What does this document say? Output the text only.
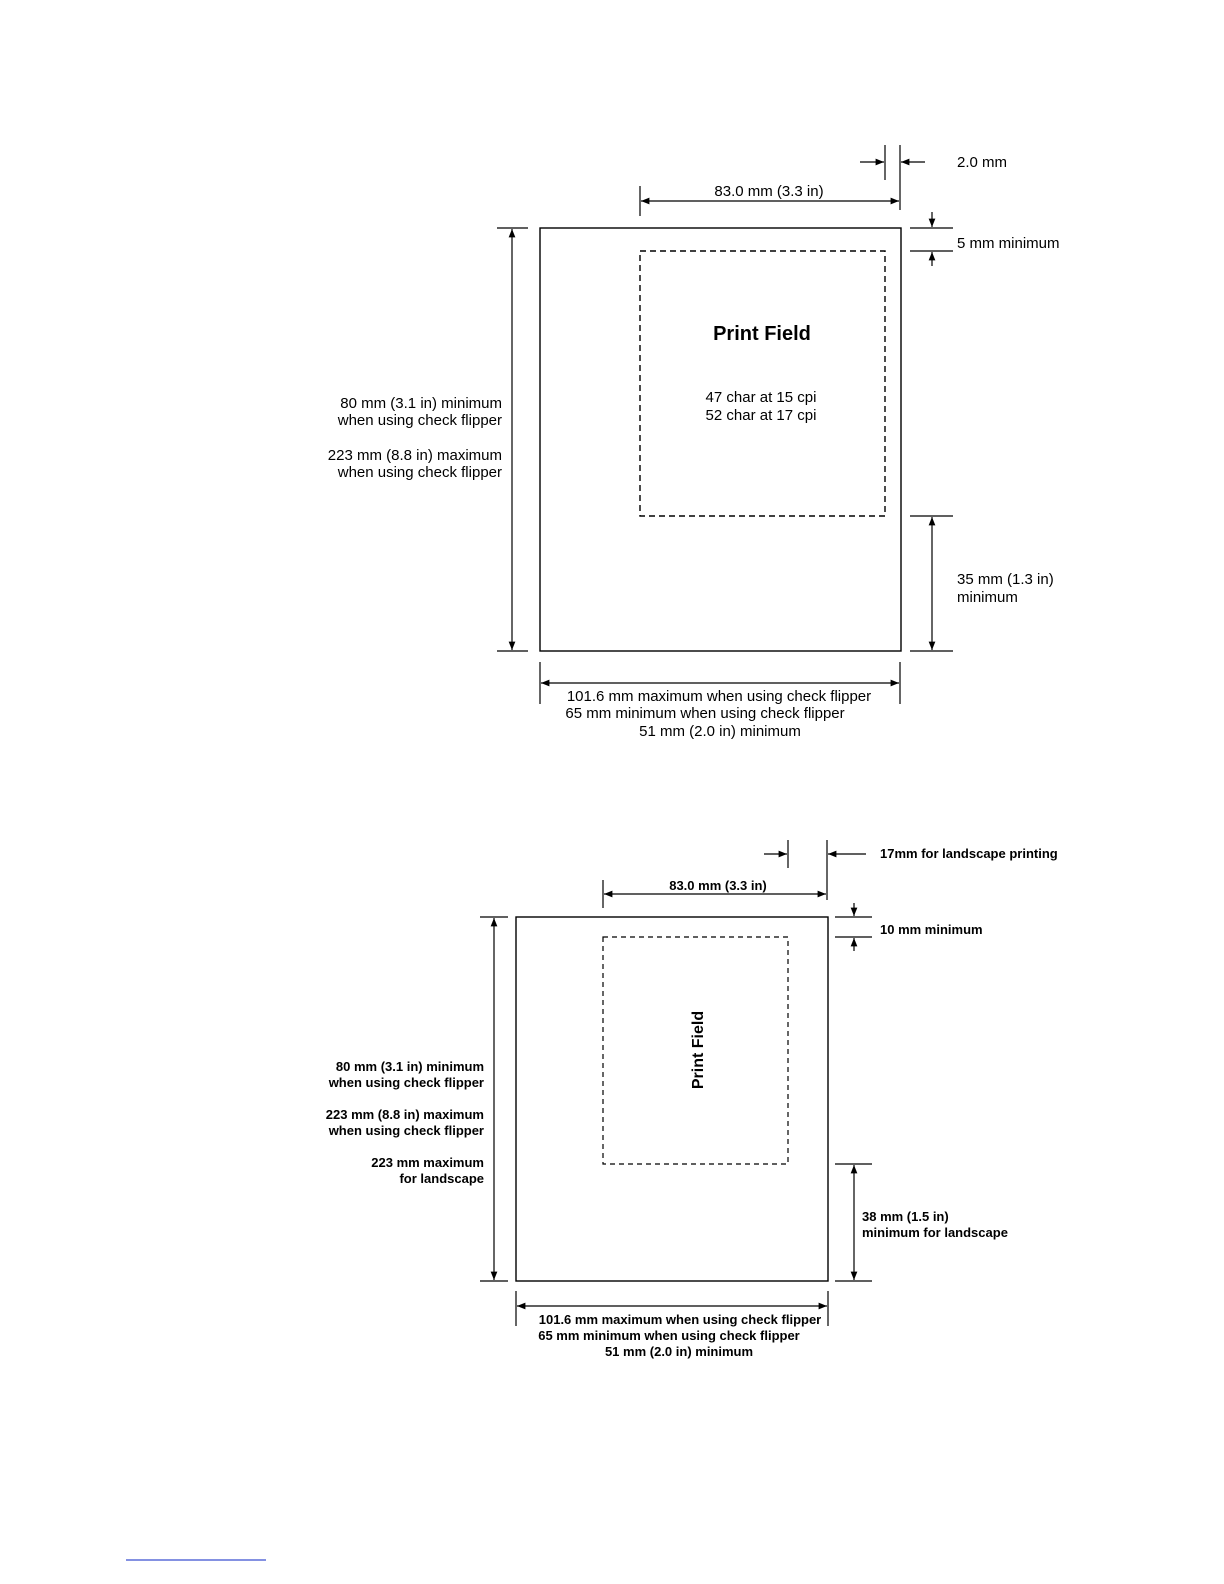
2.0 mm
83.0 mm (3.3 in)
5 mm minimum
Print Field
47 char at 15 cpi
52 char at 17 cpi
80 mm (3.1 in) minimum
when using check flipper
223 mm (8.8 in) maximum
when using check flipper
35 mm (1.3 in)
minimum
101.6 mm maximum when using check flipper
65 mm minimum when using check flipper
51 mm (2.0 in) minimum
17mm for landscape printing
83.0 mm (3.3 in)
10 mm minimum
Print Field
80 mm (3.1 in) minimum
when using check flipper
223 mm (8.8 in) maximum
when using check flipper
223 mm maximum
for landscape
38 mm (1.5 in)
minimum for landscape
101.6 mm maximum when using check flipper
65 mm minimum when using check flipper
51 mm (2.0 in) minimum
